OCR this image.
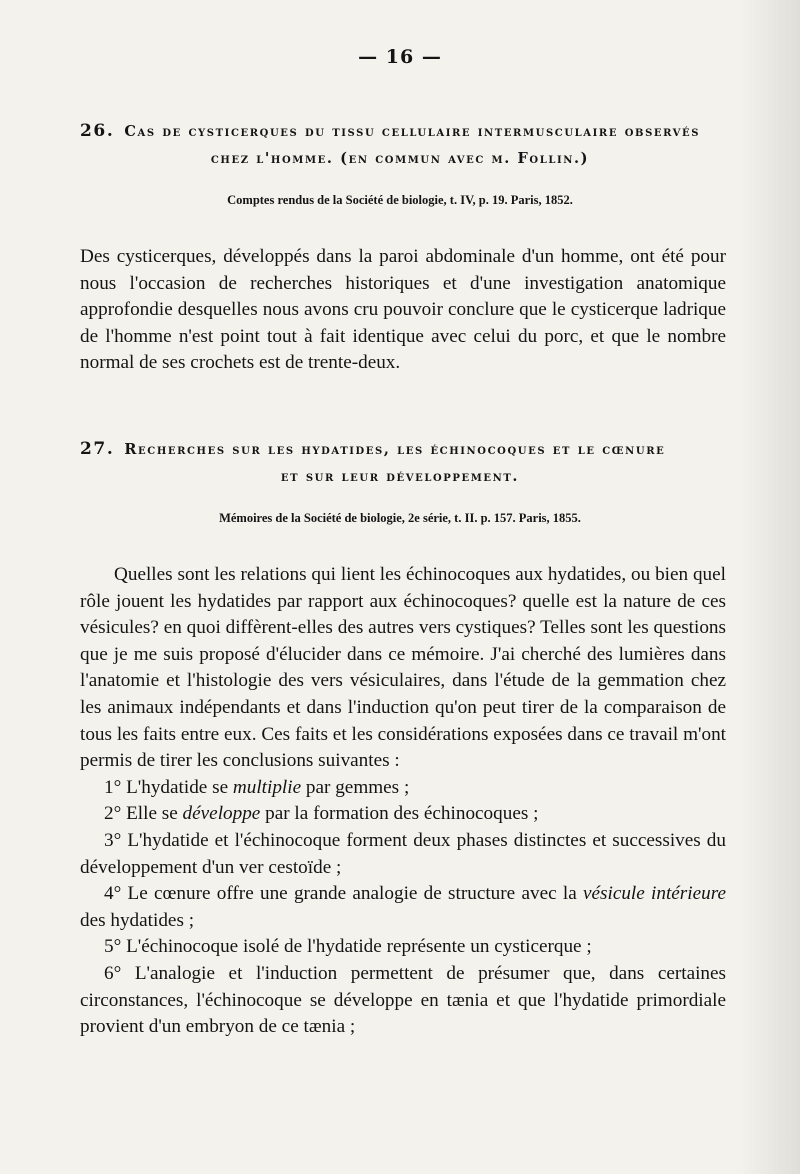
— 16 —
26. Cas de cysticerques du tissu cellulaire intermusculaire observés
chez l'homme. (en commun avec m. Follin.)
Comptes rendus de la Société de biologie, t. IV, p. 19. Paris, 1852.

Des cysticerques, développés dans la paroi abdominale d'un homme, ont été pour nous l'occasion de recherches historiques et d'une investigation anatomique approfondie desquelles nous avons cru pouvoir conclure que le cysticerque ladrique de l'homme n'est point tout à fait identique avec celui du porc, et que le nombre normal de ses crochets est de trente-deux.

27. Recherches sur les hydatides, les échinocoques et le cœnure
et sur leur développement.
Mémoires de la Société de biologie, 2e série, t. II. p. 157. Paris, 1855.

Quelles sont les relations qui lient les échinocoques aux hydatides, ou bien quel rôle jouent les hydatides par rapport aux échinocoques? quelle est la nature de ces vésicules? en quoi diffèrent-elles des autres vers cystiques? Telles sont les questions que je me suis proposé d'élucider dans ce mémoire. J'ai cherché des lumières dans l'anatomie et l'histologie des vers vésiculaires, dans l'étude de la gemmation chez les animaux indépendants et dans l'induction qu'on peut tirer de la comparaison de tous les faits entre eux. Ces faits et les considérations exposées dans ce travail m'ont permis de tirer les conclusions suivantes :

1° L'hydatide se multiplie par gemmes ;

2° Elle se développe par la formation des échinocoques ;

3° L'hydatide et l'échinocoque forment deux phases distinctes et successives du développement d'un ver cestoïde ;

4° Le cœnure offre une grande analogie de structure avec la vésicule intérieure des hydatides ;

5° L'échinocoque isolé de l'hydatide représente un cysticerque ;

6° L'analogie et l'induction permettent de présumer que, dans certaines circonstances, l'échinocoque se développe en tænia et que l'hydatide primordiale provient d'un embryon de ce tænia ;
